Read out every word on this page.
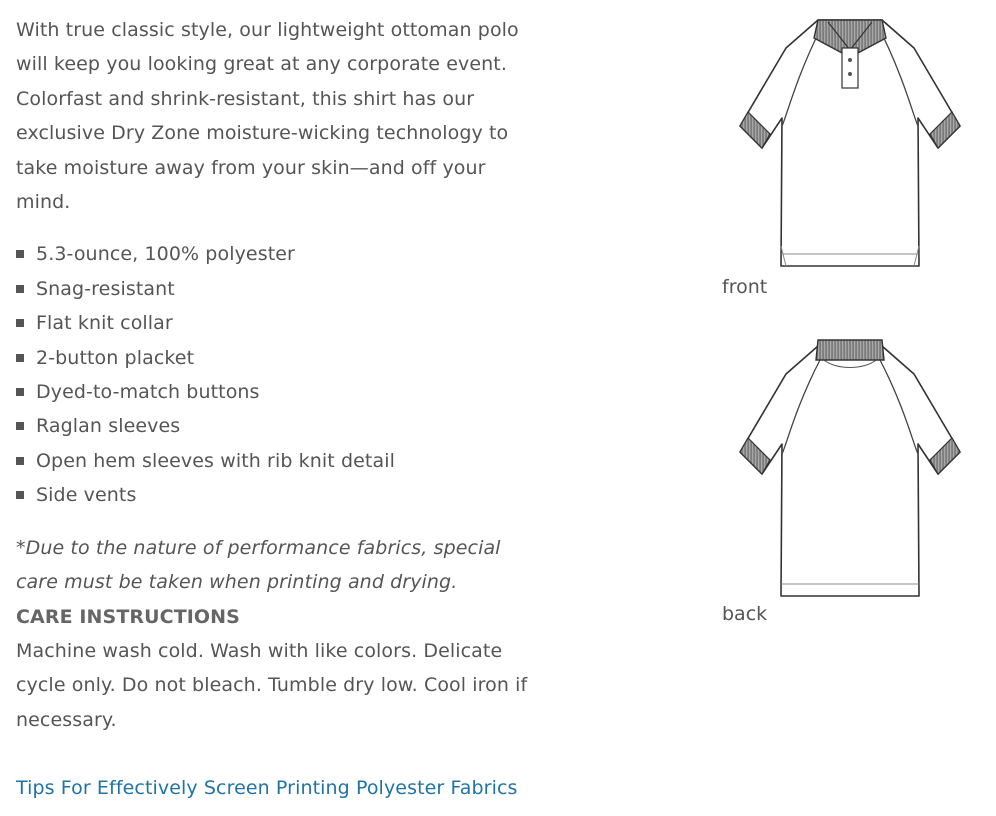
With true classic style, our lightweight ottoman polo will keep you looking great at any corporate event. Colorfast and shrink-resistant, this shirt has our exclusive Dry Zone moisture-wicking technology to take moisture away from your skin—and off your mind.

5.3-ounce, 100% polyester
Snag-resistant
Flat knit collar
2-button placket
Dyed-to-match buttons
Raglan sleeves
Open hem sleeves with rib knit detail
Side vents

*Due to the nature of performance fabrics, special care must be taken when printing and drying.

CARE INSTRUCTIONS

Machine wash cold. Wash with like colors. Delicate cycle only. Do not bleach. Tumble dry low. Cool iron if necessary.

Tips For Effectively Screen Printing Polyester Fabrics
front
back
